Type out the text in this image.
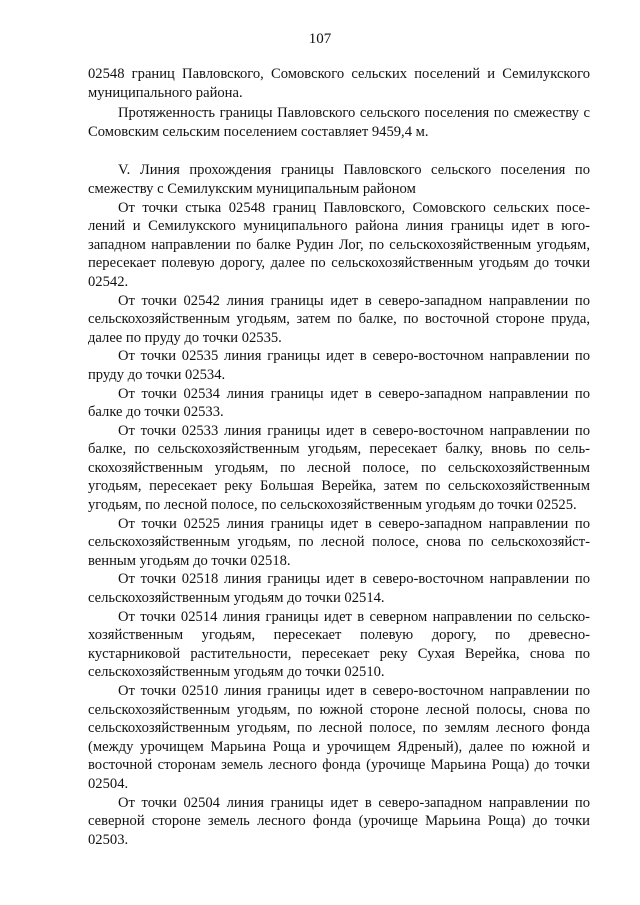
107

02548 границ Павловского, Сомовского сельских поселений и Семилукского муниципального района.

Протяженность границы Павловского сельского поселения по смежеству с Сомовским сельским поселением составляет 9459,4 м.

V. Линия прохождения границы Павловского сельского поселения по смежеству с Семилукским муниципальным районом

От точки стыка 02548 границ Павловского, Сомовского сельских поселений и Семилукского муниципального района линия границы идет в юго-западном направлении по балке Рудин Лог, по сельскохозяйственным угодьям, пересекает полевую дорогу, далее по сельскохозяйственным угодьям до точки 02542.

От точки 02542 линия границы идет в северо-западном направлении по сельскохозяйственным угодьям, затем по балке, по восточной стороне пруда, далее по пруду до точки 02535.

От точки 02535 линия границы идет в северо-восточном направлении по пруду до точки 02534.

От точки 02534 линия границы идет в северо-западном направлении по балке до точки 02533.

От точки 02533 линия границы идет в северо-восточном направлении по балке, по сельскохозяйственным угодьям, пересекает балку, вновь по сельскохозяйственным угодьям, по лесной полосе, по сельскохозяйственным угодьям, пересекает реку Большая Верейка, затем по сельскохозяйственным угодьям, по лесной полосе, по сельскохозяйственным угодьям до точки 02525.

От точки 02525 линия границы идет в северо-западном направлении по сельскохозяйственным угодьям, по лесной полосе, снова по сельскохозяйственным угодьям до точки 02518.

От точки 02518 линия границы идет в северо-восточном направлении по сельскохозяйственным угодьям до точки 02514.

От точки 02514 линия границы идет в северном направлении по сельскохозяйственным угодьям, пересекает полевую дорогу, по древесно-кустарниковой растительности, пересекает реку Сухая Верейка, снова по сельскохозяйственным угодьям до точки 02510.

От точки 02510 линия границы идет в северо-восточном направлении по сельскохозяйственным угодьям, по южной стороне лесной полосы, снова по сельскохозяйственным угодьям, по лесной полосе, по землям лесного фонда (между урочищем Марьина Роща и урочищем Ядреный), далее по южной и восточной сторонам земель лесного фонда (урочище Марьина Роща) до точки 02504.

От точки 02504 линия границы идет в северо-западном направлении по северной стороне земель лесного фонда (урочище Марьина Роща) до точки 02503.
